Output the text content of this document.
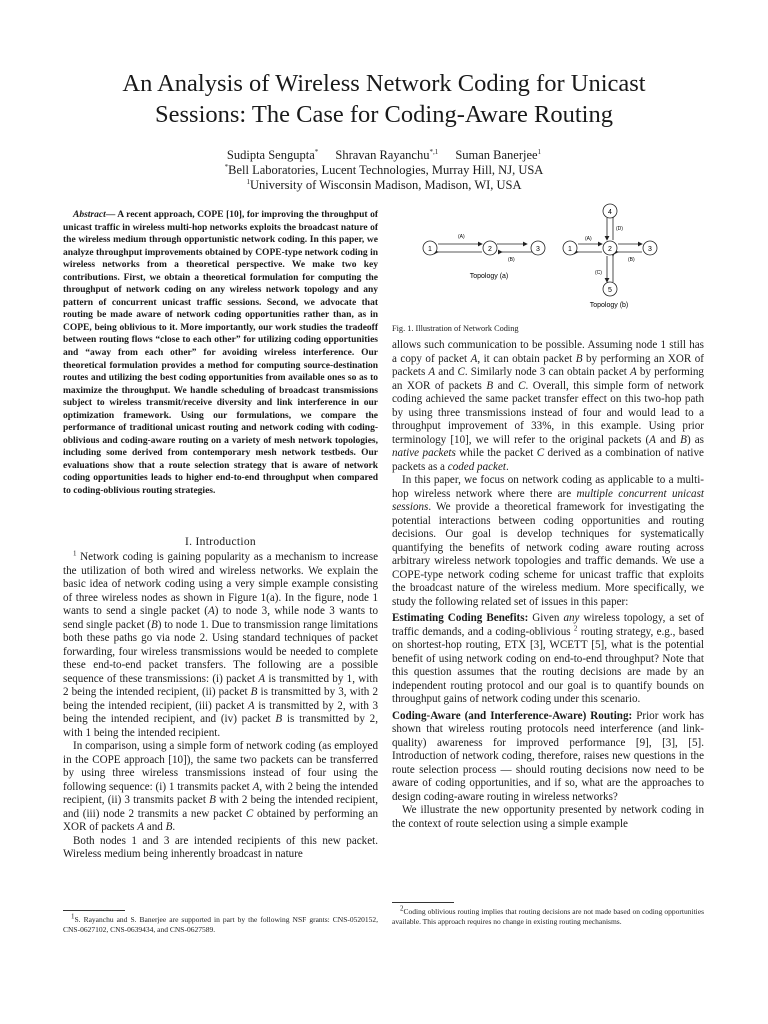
An Analysis of Wireless Network Coding for Unicast
Sessions: The Case for Coding-Aware Routing
Sudipta Sengupta* Shravan Rayanchu$^{*,1}$ Suman Banerjee$^1$
*Bell Laboratories, Lucent Technologies, Murray Hill, NJ, USA
$^1$University of Wisconsin Madison, Madison, WI, USA
Abstract— A recent approach, COPE [10], for improving the throughput of unicast traffic in wireless multi-hop networks exploits the broadcast nature of the wireless medium through opportunistic network coding. In this paper, we analyze throughput improvements obtained by COPE-type network coding in wireless networks from a theoretical perspective. We make two key contributions. First, we obtain a theoretical formulation for computing the throughput of network coding on any wireless network topology and any pattern of concurrent unicast traffic sessions. Second, we advocate that routing be made aware of network coding opportunities rather than, as in COPE, being oblivious to it. More importantly, our work studies the tradeoff between routing flows “close to each other” for utilizing coding opportunities and “away from each other” for avoiding wireless interference. Our theoretical formulation provides a method for computing source-destination routes and utilizing the best coding opportunities from available ones so as to maximize the throughput. We handle scheduling of broadcast transmissions subject to wireless transmit/receive diversity and link interference in our optimization framework. Using our formulations, we compare the performance of traditional unicast routing and network coding with coding-oblivious and coding-aware routing on a variety of mesh network topologies, including some derived from contemporary mesh network testbeds. Our evaluations show that a route selection strategy that is aware of network coding opportunities leads to higher end-to-end throughput when compared to coding-oblivious routing strategies.
I. Introduction
$^1$ Network coding is gaining popularity as a mechanism to increase the utilization of both wired and wireless networks. We explain the basic idea of network coding using a very simple example consisting of three wireless nodes as shown in Figure 1(a). In the figure, node 1 wants to send a single packet (A) to node 3, while node 3 wants to send single packet (B) to node 1. Due to transmission range limitations both these paths go via node 2. Using standard techniques of packet forwarding, four wireless transmissions would be needed to complete these end-to-end packet transfers. The following are a possible sequence of these transmissions: (i) packet A is transmitted by 1, with 2 being the intended recipient, (ii) packet B is transmitted by 3, with 2 being the intended recipient, (iii) packet A is transmitted by 2, with 3 being the intended recipient, and (iv) packet B is transmitted by 2, with 1 being the intended recipient.
In comparison, using a simple form of network coding (as employed in the COPE approach [10]), the same two packets can be transferred by using three wireless transmissions instead of four using the following sequence: (i) 1 transmits packet A, with 2 being the intended recipient, (ii) 3 transmits packet B with 2 being the intended recipient, and (iii) node 2 transmits a new packet C obtained by performing an XOR of packets A and B.
Both nodes 1 and 3 are intended recipients of this new packet. Wireless medium being inherently broadcast in nature
$^1$S. Rayanchu and S. Banerjee are supported in part by the following NSF grants: CNS-0520152, CNS-0627102, CNS-0639434, and CNS-0627589.
1	2	3
(A)
(B)
Topology (a)
1	2	3
4
5
(A)
(B)
(C)
(D)
Topology (b)
Fig. 1. Illustration of Network Coding
allows such communication to be possible. Assuming node 1 still has a copy of packet A, it can obtain packet B by performing an XOR of packets A and C. Similarly node 3 can obtain packet A by performing an XOR of packets B and C. Overall, this simple form of network coding achieved the same packet transfer effect on this two-hop path by using three transmissions instead of four and would lead to a throughput improvement of 33%, in this example. Using prior terminology [10], we will refer to the original packets (A and B) as native packets while the packet C derived as a combination of native packets as a coded packet.
In this paper, we focus on network coding as applicable to a multi-hop wireless network where there are multiple concurrent unicast sessions. We provide a theoretical framework for investigating the potential interactions between coding opportunities and routing decisions. Our goal is develop techniques for systematically quantifying the benefits of network coding aware routing across arbitrary wireless network topologies and traffic demands. We use a COPE-type network coding scheme for unicast traffic that exploits the broadcast nature of the wireless medium. More specifically, we study the following related set of issues in this paper:
Estimating Coding Benefits: Given any wireless topology, a set of traffic demands, and a coding-oblivious $^2$ routing strategy, e.g., based on shortest-hop routing, ETX [3], WCETT [5], what is the potential benefit of using network coding on end-to-end throughput? Note that this question assumes that the routing decisions are made by an independent routing protocol and our goal is to quantify bounds on throughput gains of network coding under this scenario.
Coding-Aware (and Interference-Aware) Routing: Prior work has shown that wireless routing protocols need interference (and link-quality) awareness for improved performance [9], [3], [5]. Introduction of network coding, therefore, raises new questions in the route selection process — should routing decisions now need to be aware of coding opportunities, and if so, what are the approaches to design coding-aware routing in wireless networks?
We illustrate the new opportunity presented by network coding in the context of route selection using a simple example
$^2$Coding oblivious routing implies that routing decisions are not made based on coding opportunities available. This approach requires no change in existing routing mechanisms.
